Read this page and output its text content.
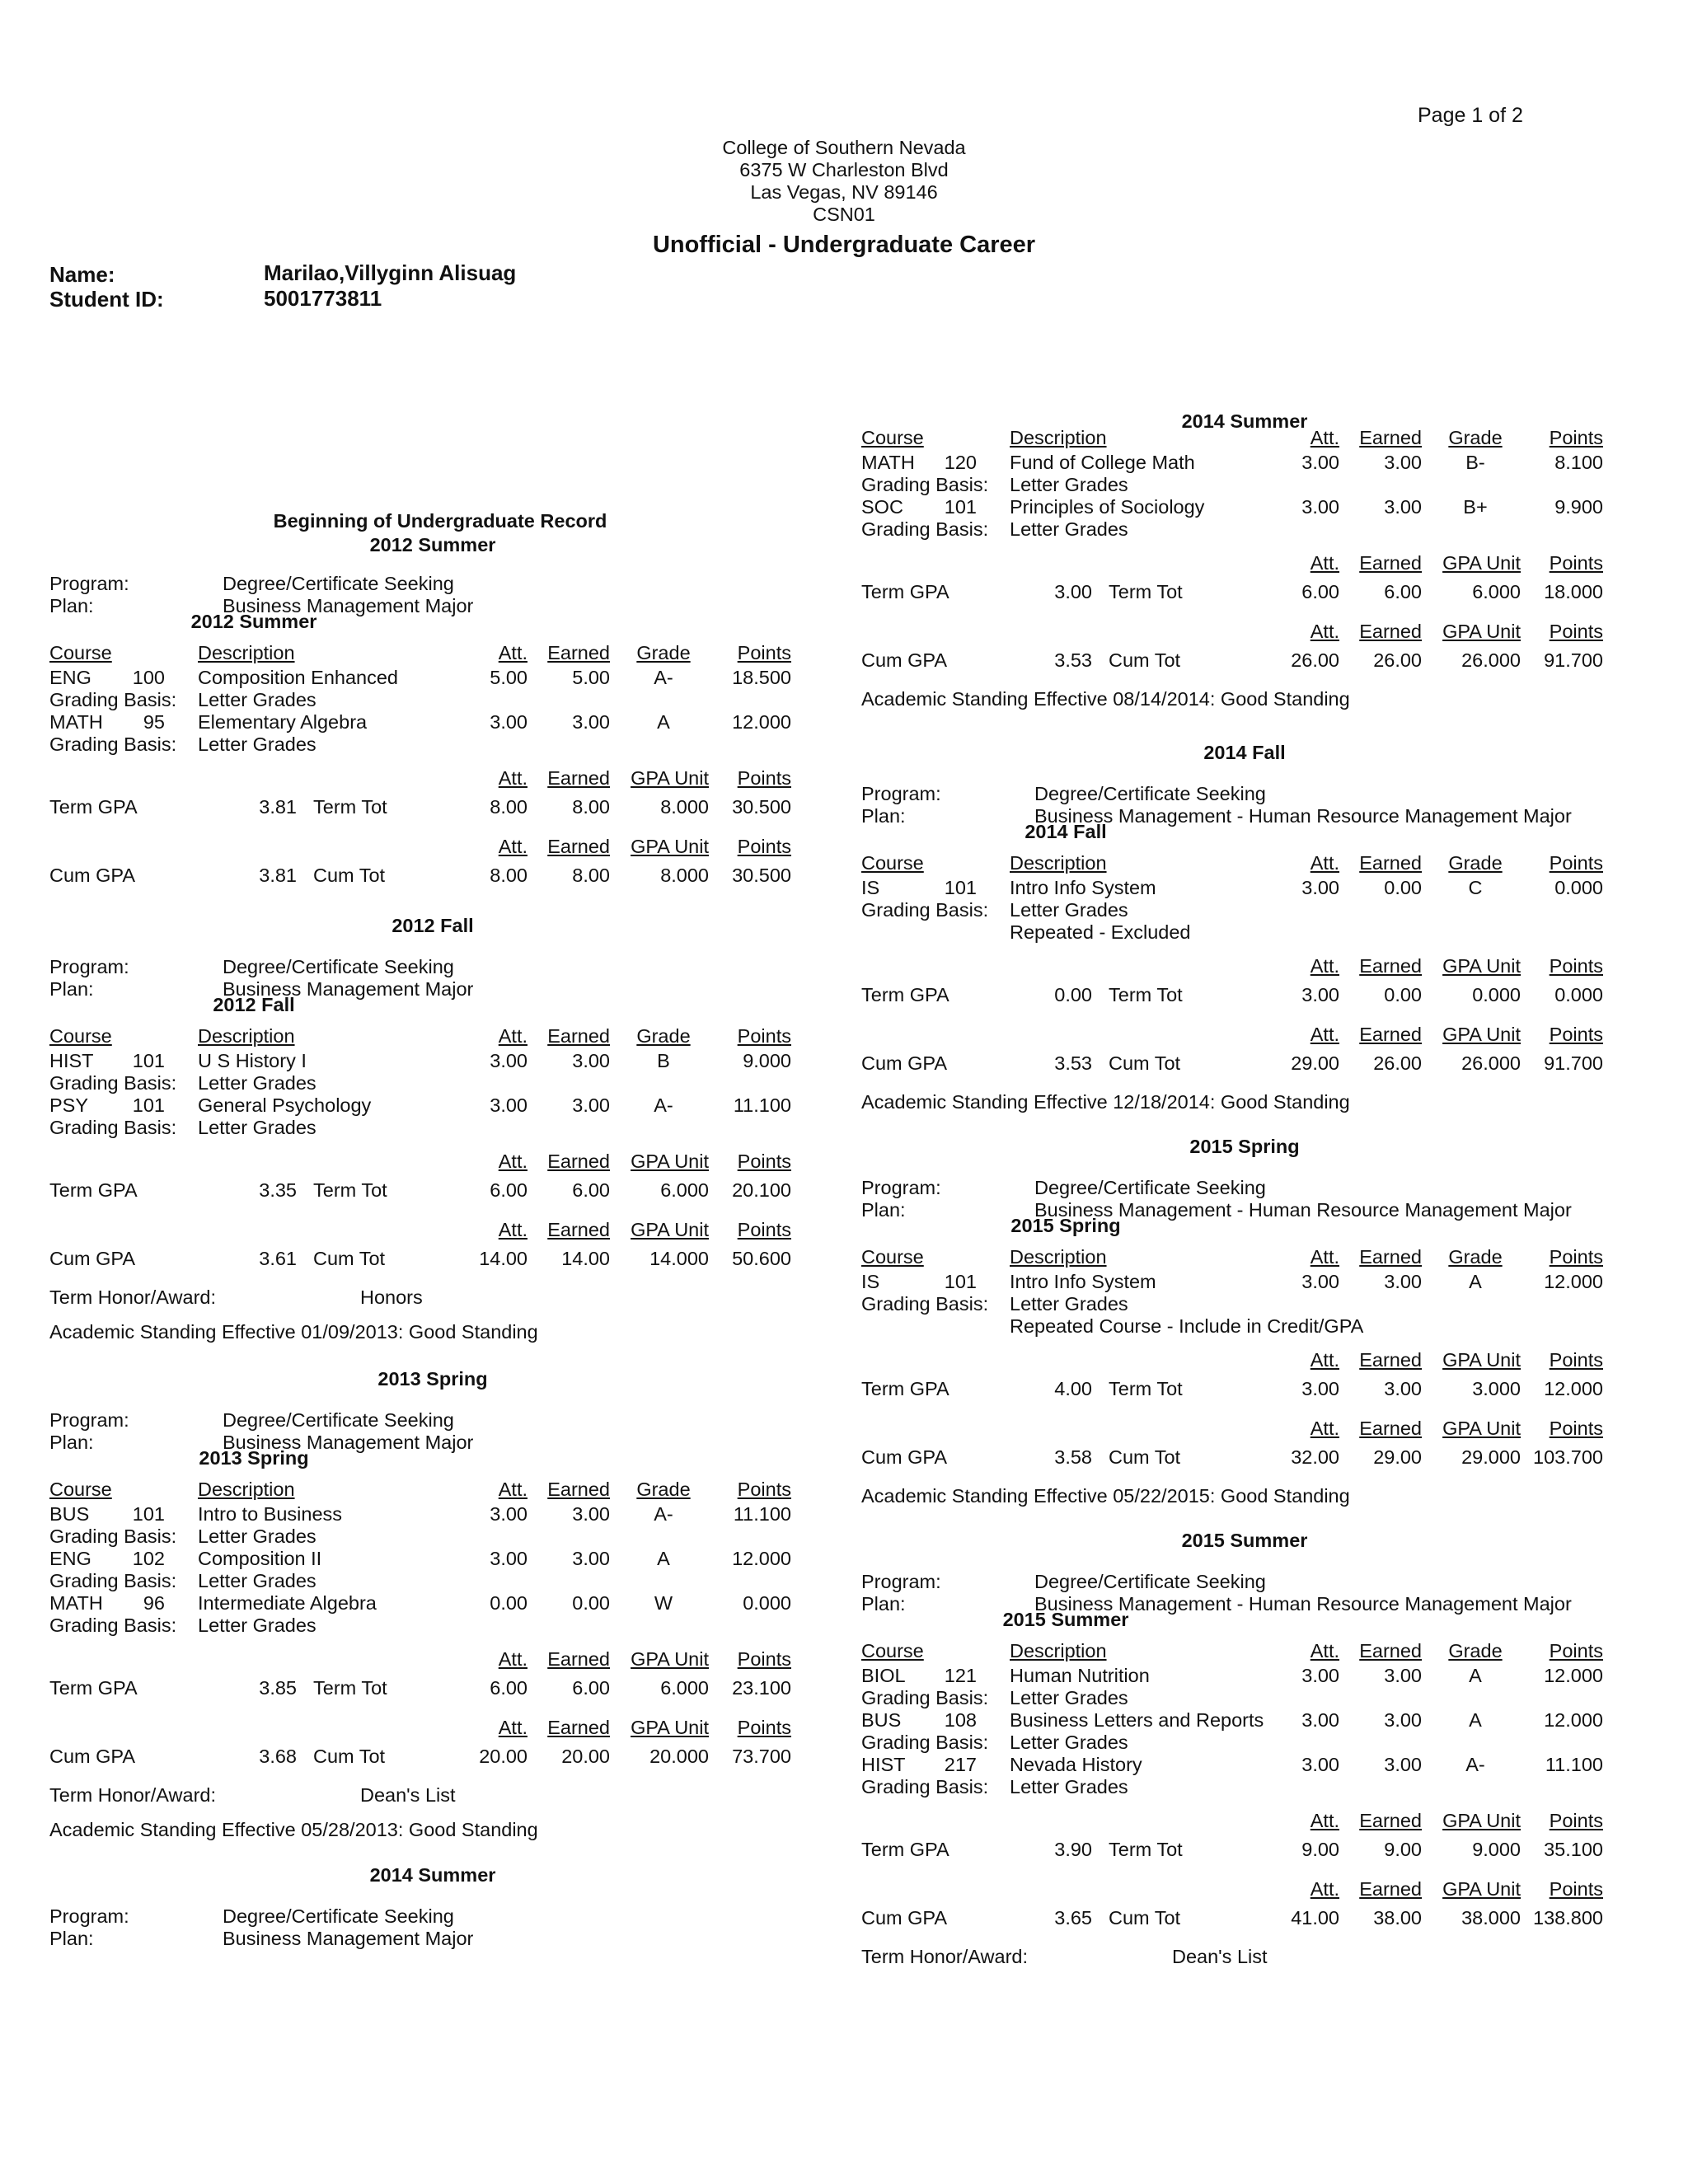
Page 1 of 2
College of Southern Nevada
6375 W Charleston Blvd
Las Vegas, NV 89146
CSN01
Unofficial - Undergraduate Career
Name:	Marilao,Villyginn Alisuag
Student ID:	5001773811
Beginning of Undergraduate Record
2012 Summer
Program:	Degree/Certificate Seeking
Plan:	Business Management Major
2012 Summer
Course	Description	Att.	Earned	Grade	Points
ENG	100 Composition Enhanced	5.00	5.00	A-	18.500
Grading Basis: Letter Grades
MATH	95 Elementary Algebra	3.00	3.00	A	12.000
Grading Basis: Letter Grades
Att.	Earned	GPA Unit	Points
Term GPA	3.81 Term Tot	8.00	8.00	8.000	30.500
Att.	Earned	GPA Unit	Points
Cum GPA	3.81 Cum Tot	8.00	8.00	8.000	30.500
2012 Fall
Program:	Degree/Certificate Seeking
Plan:	Business Management Major
2012 Fall
Course	Description	Att.	Earned	Grade	Points
HIST	101 U S History I	3.00	3.00	B	9.000
Grading Basis: Letter Grades
PSY	101 General Psychology	3.00	3.00	A-	11.100
Grading Basis: Letter Grades
Att.	Earned	GPA Unit	Points
Term GPA	3.35 Term Tot	6.00	6.00	6.000	20.100
Att.	Earned	GPA Unit	Points
Cum GPA	3.61 Cum Tot	14.00	14.00	14.000	50.600
Term Honor/Award:	Honors
Academic Standing Effective 01/09/2013: Good Standing
2013 Spring
Program:	Degree/Certificate Seeking
Plan:	Business Management Major
2013 Spring
Course	Description	Att.	Earned	Grade	Points
BUS	101 Intro to Business	3.00	3.00	A-	11.100
Grading Basis: Letter Grades
ENG	102 Composition II	3.00	3.00	A	12.000
Grading Basis: Letter Grades
MATH	96 Intermediate Algebra	0.00	0.00	W	0.000
Grading Basis: Letter Grades
Att.	Earned	GPA Unit	Points
Term GPA	3.85 Term Tot	6.00	6.00	6.000	23.100
Att.	Earned	GPA Unit	Points
Cum GPA	3.68 Cum Tot	20.00	20.00	20.000	73.700
Term Honor/Award:	Dean's List
Academic Standing Effective 05/28/2013: Good Standing
2014 Summer
Course	Description	Att.	Earned	Grade	Points
MATH	120 Fund of College Math	3.00	3.00	B-	8.100
Grading Basis: Letter Grades
SOC	101 Principles of Sociology	3.00	3.00	B+	9.900
Grading Basis: Letter Grades
Att.	Earned	GPA Unit	Points
Term GPA	3.00 Term Tot	6.00	6.00	6.000	18.000
Att.	Earned	GPA Unit	Points
Cum GPA	3.53 Cum Tot	26.00	26.00	26.000	91.700
Academic Standing Effective 08/14/2014: Good Standing
2014 Fall
Program:	Degree/Certificate Seeking
Plan:	Business Management - Human Resource Management Major
2014 Fall
Course	Description	Att.	Earned	Grade	Points
IS	101 Intro Info System	3.00	0.00	C	0.000
Grading Basis: Letter Grades
Repeated - Excluded
Att.	Earned	GPA Unit	Points
Term GPA	0.00 Term Tot	3.00	0.00	0.000	0.000
Att.	Earned	GPA Unit	Points
Cum GPA	3.53 Cum Tot	29.00	26.00	26.000	91.700
Academic Standing Effective 12/18/2014: Good Standing
2015 Spring
Program:	Degree/Certificate Seeking
Plan:	Business Management - Human Resource Management Major
2015 Spring
Course	Description	Att.	Earned	Grade	Points
IS	101 Intro Info System	3.00	3.00	A	12.000
Grading Basis: Letter Grades
Repeated Course - Include in Credit/GPA
Att.	Earned	GPA Unit	Points
Term GPA	4.00 Term Tot	3.00	3.00	3.000	12.000
Att.	Earned	GPA Unit	Points
Cum GPA	3.58 Cum Tot	32.00	29.00	29.000 103.700
Academic Standing Effective 05/22/2015: Good Standing
2015 Summer
Program:	Degree/Certificate Seeking
Plan:	Business Management - Human Resource Management Major
2015 Summer
Course	Description	Att.	Earned	Grade	Points
BIOL	121 Human Nutrition	3.00	3.00	A	12.000
Grading Basis: Letter Grades
BUS	108 Business Letters and Reports	3.00	3.00	A	12.000
Grading Basis: Letter Grades
HIST	217 Nevada History	3.00	3.00	A-	11.100
Grading Basis: Letter Grades
Att.	Earned	GPA Unit	Points
Term GPA	3.90 Term Tot	9.00	9.00	9.000	35.100
Att.	Earned	GPA Unit	Points
Cum GPA	3.65 Cum Tot	41.00	38.00	38.000 138.800
Term Honor/Award:	Dean's List
2014 Summer
Program:	Degree/Certificate Seeking
Plan:	Business Management Major
